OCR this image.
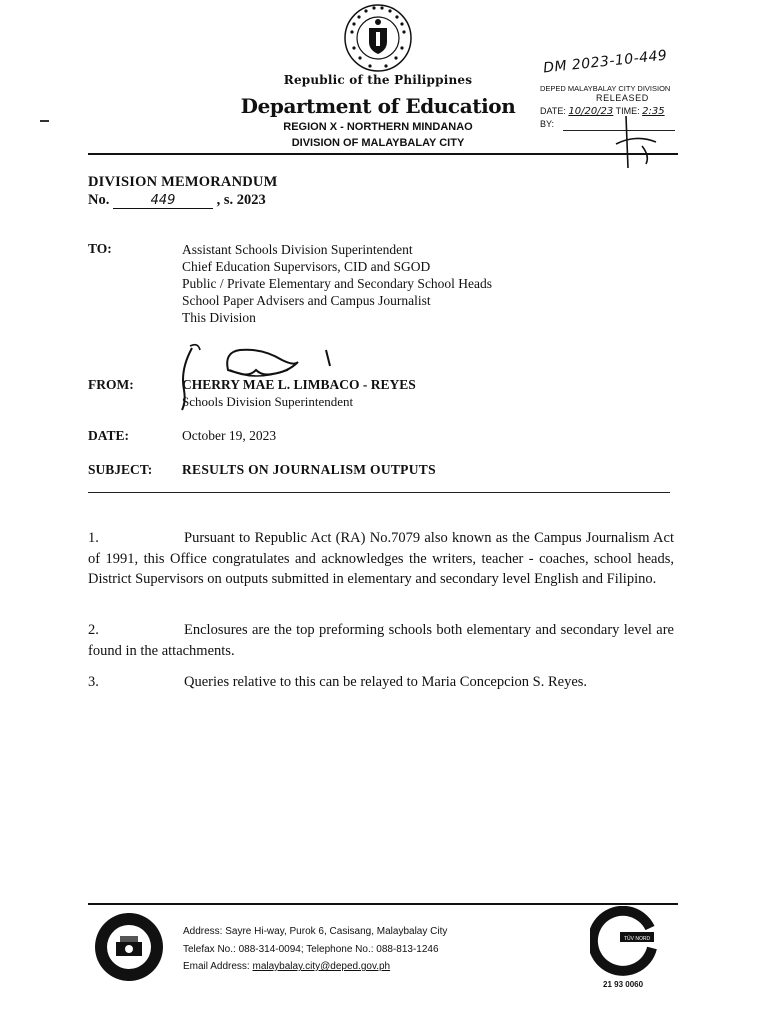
Republic of the Philippines
Department of Education
REGION X - NORTHERN MINDANAO
DIVISION OF MALAYBALAY CITY
DM 2023-10-449
DEPED MALAYBALAY CITY DIVISION
RELEASED
DATE: 10/20/23 TIME: 2:35
BY:
DIVISION MEMORANDUM
No.	449	, s. 2023
TO:	Assistant Schools Division Superintendent
Chief Education Supervisors, CID and SGOD
Public / Private Elementary and Secondary School Heads
School Paper Advisers and Campus Journalist
This Division
FROM:	CHERRY MAE L. LIMBACO - REYES
Schools Division Superintendent
DATE:	October 19, 2023
SUBJECT: RESULTS ON JOURNALISM OUTPUTS
1.	Pursuant to Republic Act (RA) No.7079 also known as the Campus Journalism Act of 1991, this Office congratulates and acknowledges the writers, teacher - coaches, school heads, District Supervisors on outputs submitted in elementary and secondary level English and Filipino.
2.	Enclosures are the top preforming schools both elementary and secondary level are found in the attachments.
3.	Queries relative to this can be relayed to Maria Concepcion S. Reyes.
Address: Sayre Hi-way, Purok 6, Casisang, Malaybalay City
Telefax No.: 088-314-0094; Telephone No.: 088-813-1246
Email Address: malaybalay.city@deped.gov.ph
TÜV NORD
21 93 0060
